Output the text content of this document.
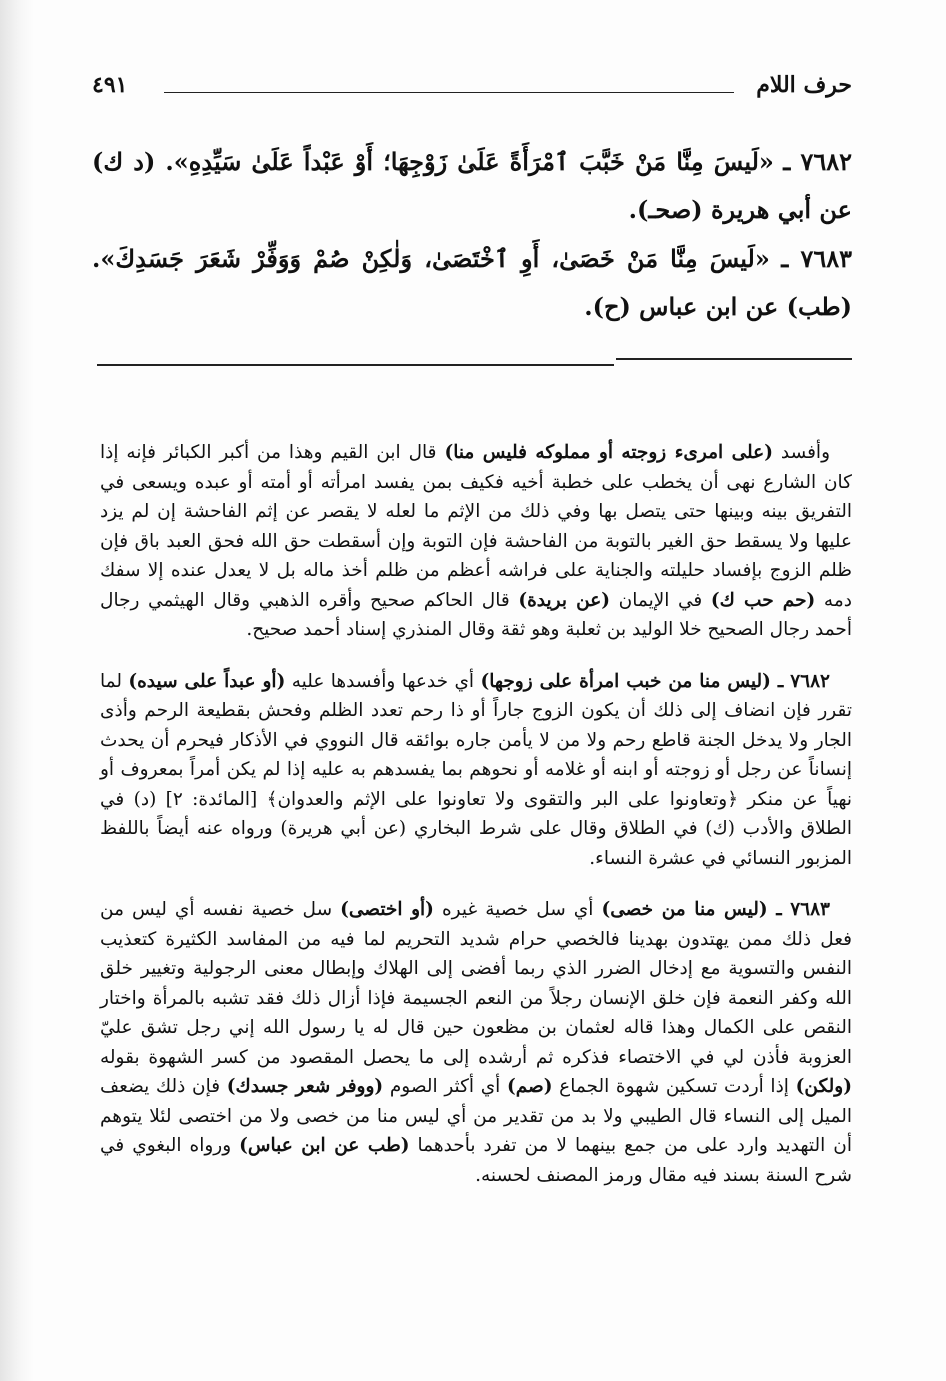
حرف اللام
٤٩١
٧٦٨٢ ـ «لَيسَ مِنَّا مَنْ خَبَّبَ ٱمْرَأَةً عَلَىٰ زَوْجِهَا؛ أَوْ عَبْداً عَلَىٰ سَيِّدِهِ». (د ك) عن أبي هريرة (صحـ).
٧٦٨٣ ـ «لَيسَ مِنَّا مَنْ خَصَىٰ، أَوِ ٱخْتَصَىٰ، وَلٰكِنْ صُمْ وَوَفِّرْ شَعَرَ جَسَدِكَ». (طب) عن ابن عباس (ح).

وأفسد (على امرىء زوجته أو مملوكه فليس منا) قال ابن القيم وهذا من أكبر الكبائر فإنه إذا كان الشارع نهى أن يخطب على خطبة أخيه فكيف بمن يفسد امرأته أو أمته أو عبده ويسعى في التفريق بينه وبينها حتى يتصل بها وفي ذلك من الإثم ما لعله لا يقصر عن إثم الفاحشة إن لم يزد عليها ولا يسقط حق الغير بالتوبة من الفاحشة فإن التوبة وإن أسقطت حق الله فحق العبد باق فإن ظلم الزوج بإفساد حليلته والجناية على فراشه أعظم من ظلم أخذ ماله بل لا يعدل عنده إلا سفك دمه (حم حب ك) في الإيمان (عن بريدة) قال الحاكم صحيح وأقره الذهبي وقال الهيثمي رجال أحمد رجال الصحيح خلا الوليد بن ثعلبة وهو ثقة وقال المنذري إسناد أحمد صحيح.

٧٦٨٢ ـ (ليس منا من خبب امرأة على زوجها) أي خدعها وأفسدها عليه (أو عبداً على سيده) لما تقرر فإن انضاف إلى ذلك أن يكون الزوج جاراً أو ذا رحم تعدد الظلم وفحش بقطيعة الرحم وأذى الجار ولا يدخل الجنة قاطع رحم ولا من لا يأمن جاره بوائقه قال النووي في الأذكار فيحرم أن يحدث إنساناً عن رجل أو زوجته أو ابنه أو غلامه أو نحوهم بما يفسدهم به عليه إذا لم يكن أمراً بمعروف أو نهياً عن منكر ﴿وتعاونوا على البر والتقوى ولا تعاونوا على الإثم والعدوان﴾ [المائدة: ٢] (د) في الطلاق والأدب (ك) في الطلاق وقال على شرط البخاري (عن أبي هريرة) ورواه عنه أيضاً باللفظ المزبور النسائي في عشرة النساء.

٧٦٨٣ ـ (ليس منا من خصى) أي سل خصية غيره (أو اختصى) سل خصية نفسه أي ليس من فعل ذلك ممن يهتدون بهدينا فالخصي حرام شديد التحريم لما فيه من المفاسد الكثيرة كتعذيب النفس والتسوية مع إدخال الضرر الذي ربما أفضى إلى الهلاك وإبطال معنى الرجولية وتغيير خلق الله وكفر النعمة فإن خلق الإنسان رجلاً من النعم الجسيمة فإذا أزال ذلك فقد تشبه بالمرأة واختار النقص على الكمال وهذا قاله لعثمان بن مظعون حين قال له يا رسول الله إني رجل تشق عليّ العزوبة فأذن لي في الاختصاء فذكره ثم أرشده إلى ما يحصل المقصود من كسر الشهوة بقوله (ولكن) إذا أردت تسكين شهوة الجماع (صم) أي أكثر الصوم (ووفر شعر جسدك) فإن ذلك يضعف الميل إلى النساء قال الطيبي ولا بد من تقدير من أي ليس منا من خصى ولا من اختصى لئلا يتوهم أن التهديد وارد على من جمع بينهما لا من تفرد بأحدهما (طب عن ابن عباس) ورواه البغوي في شرح السنة بسند فيه مقال ورمز المصنف لحسنه.
